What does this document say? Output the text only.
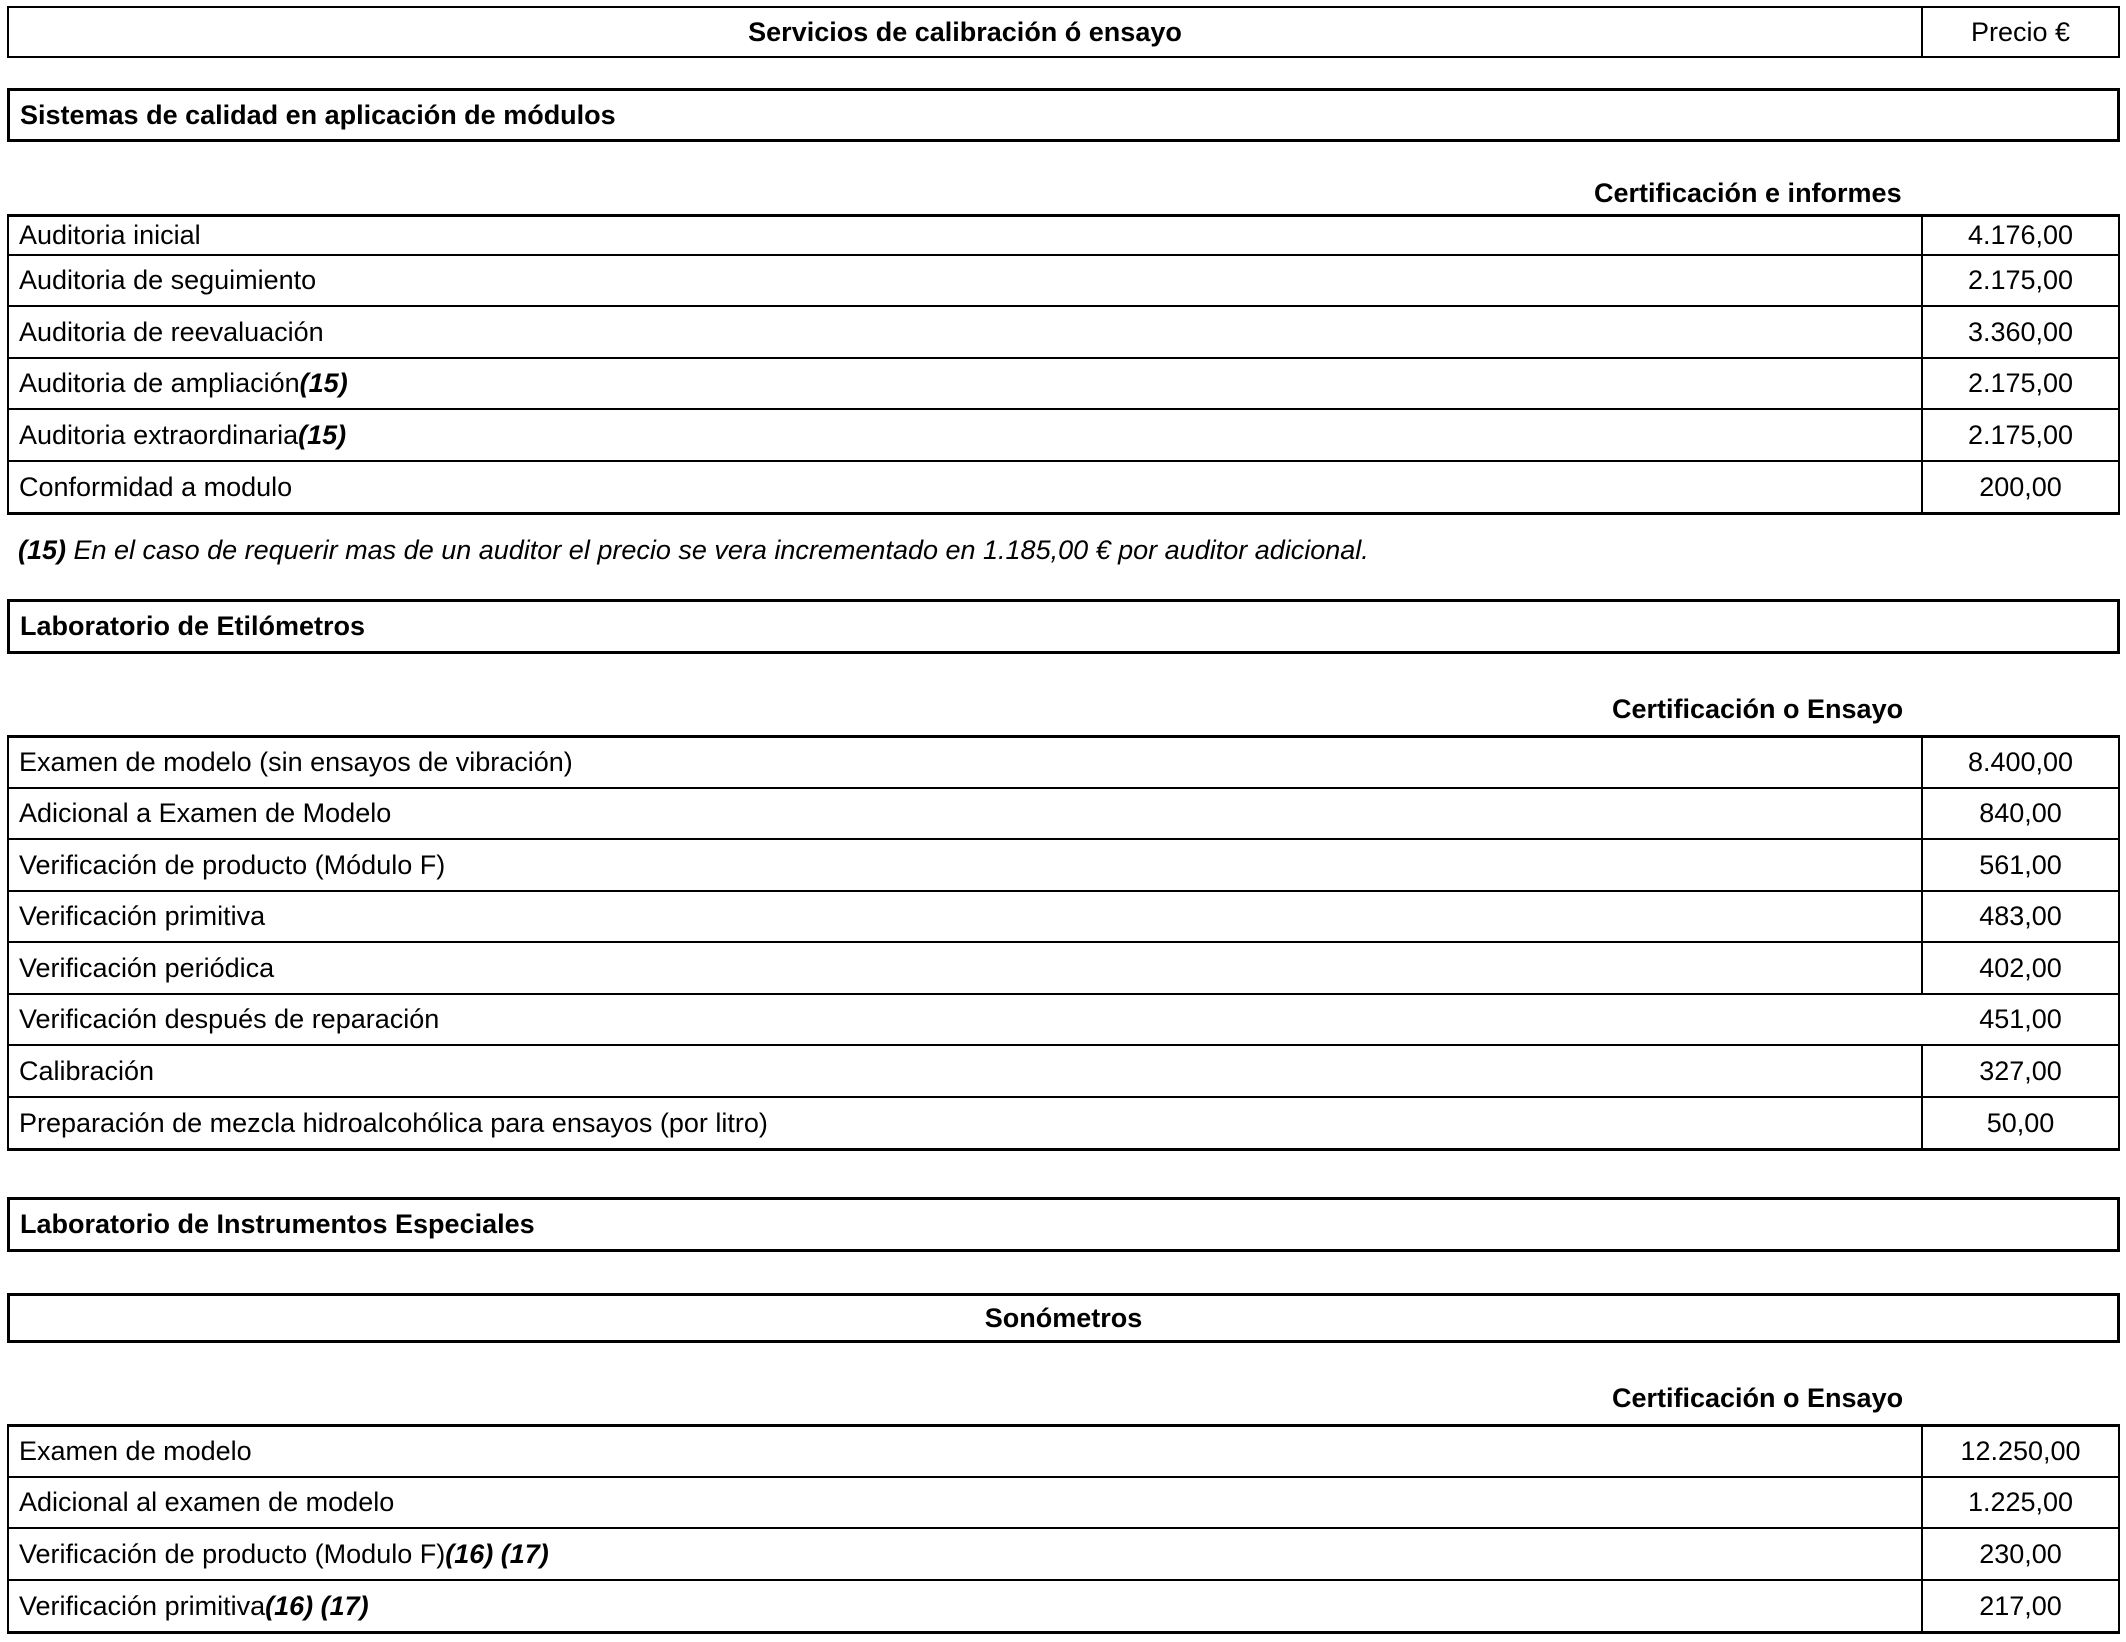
Servicios de calibración ó ensayo	Precio €
Sistemas de calidad en aplicación de módulos
Certificación e informes
Auditoria inicial	4.176,00
Auditoria de seguimiento	2.175,00
Auditoria de reevaluación	3.360,00
Auditoria de ampliación (15)	2.175,00
Auditoria extraordinaria (15)	2.175,00
Conformidad a modulo	200,00
(15) En el caso de requerir mas de un auditor el precio se vera incrementado en 1.185,00 € por auditor adicional.
Laboratorio de Etilómetros
Certificación o Ensayo
Examen de modelo (sin ensayos de vibración)	8.400,00
Adicional a Examen de Modelo	840,00
Verificación de producto (Módulo F)	561,00
Verificación primitiva	483,00
Verificación periódica	402,00
Verificación después de reparación	451,00
Calibración	327,00
Preparación de mezcla hidroalcohólica para ensayos (por litro)	50,00
Laboratorio de Instrumentos Especiales
Sonómetros
Certificación o Ensayo
Examen de modelo	12.250,00
Adicional al examen de modelo	1.225,00
Verificación de producto (Modulo F) (16) (17)	230,00
Verificación primitiva (16) (17)	217,00
